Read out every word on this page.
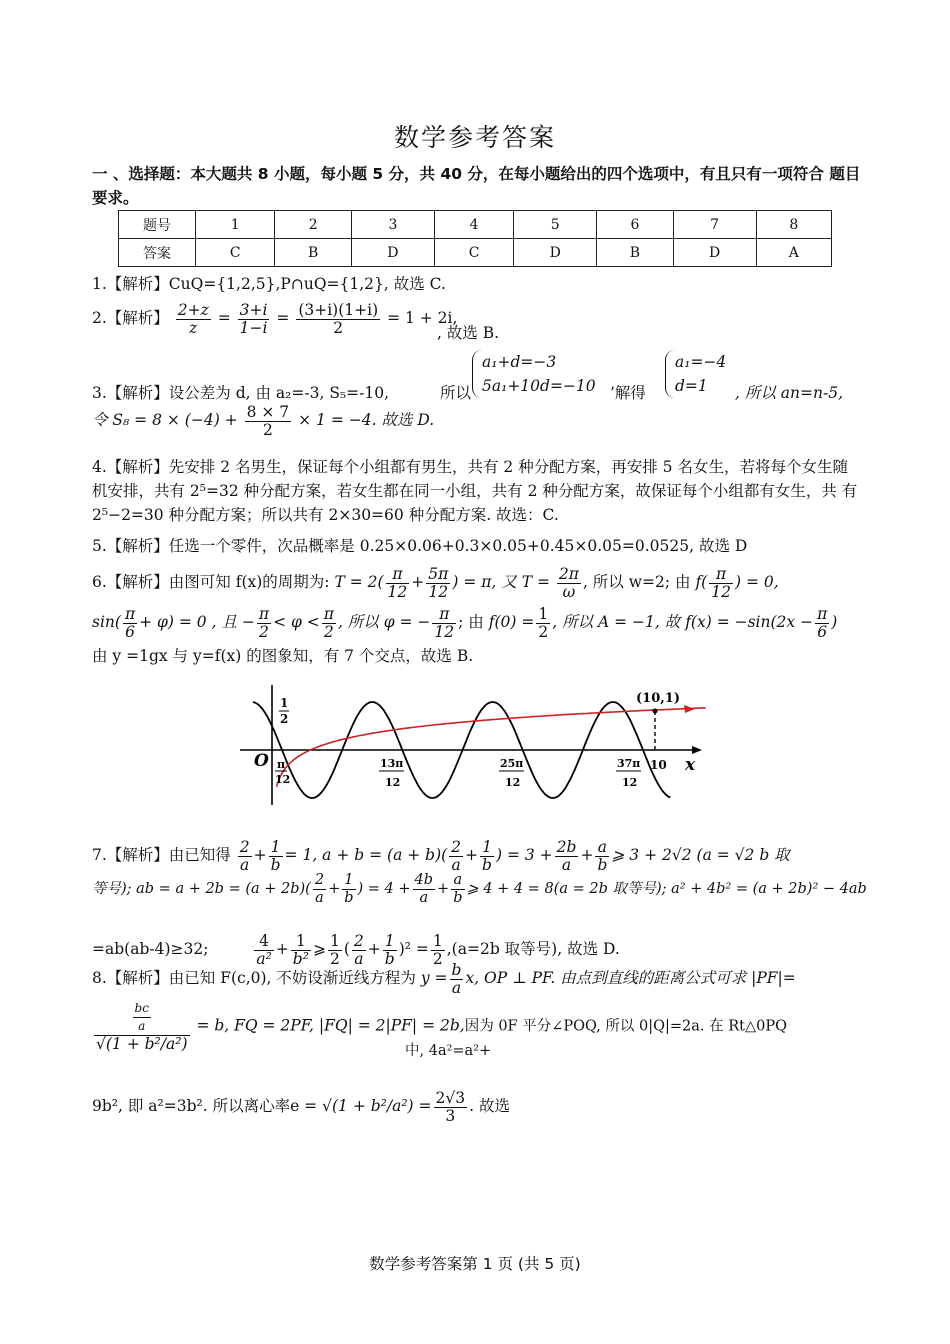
数学参考答案
一 、选择题：本大题共 8 小题，每小题 5 分，共 40 分，在每小题给出的四个选项中，有且只有一项符合 题目要求。
题号	1	2	3	4	5	6	7	8
答案	C	B	D	C	D	B	D	A
1.【解析】CuQ={1,2,5},P∩uQ={1,2}, 故选 C.
2.【解析】 $\frac{2+z}{z} = \frac{3+i}{1-i} = \frac{(3+i)(1+i)}{2} = 1 + 2i$,
, 故选 B.
3.【解析】设公差为 d, 由 a₂=-3, S₅=-10,	所以
a₁+d=−3
5a₁+10d=−10 ’解得
a₁=−4
d=1 , 所以 an=n-5,
令 $S_8 = 8 \times (-4) + \frac{8 \times 7}{2} \times 1 = -4$. 故选 D.
4.【解析】先安排 2 名男生，保证每个小组都有男生，共有 2 种分配方案，再安排 5 名女生，若将每个女生随 机安排，共有 2⁵=32 种分配方案，若女生都在同一小组，共有 2 种分配方案，故保证每个小组都有女生，共 有 2⁵−2=30 种分配方案；所以共有 2×30=60 种分配方案. 故选：C.
5.【解析】任选一个零件，次品概率是 0.25×0.06+0.3×0.05+0.45×0.05=0.0525, 故选 D
6.【解析】由图可知 f(x)的周期为: $T = 2( \frac{\pi}{12} + \frac{5\pi}{12}$ ) = π, 又 $T = \frac{2\pi}{\omega}$ , 所以 w=2; 由 $f( \frac{\pi}{12}$ ) = 0,
$\sin( \frac{\pi}{6} + \varphi) = 0$ , 且 − $\frac{\pi}{2} < \varphi < \frac{\pi}{2}$ , 所以 φ = − $\frac{\pi}{12}$ ; 由 $f(0) = \frac{1}{2}$ , 所以 A = −1, 故 $f(x) = -\sin(2x - \frac{\pi}{6}$ )
由 y =1gx 与 y=f(x) 的图象知，有 7 个交点，故选 B.
(10,1)
1
2
O π
12
13π
12
25π
12
37π
12
10 x
7.【解析】由已知得 $\frac{2}{a} + \frac{1}{b} = 1$, $a + b = (a + b)( \frac{2}{a} + \frac{1}{b}$ ) = $3 + \frac{2b}{a} + \frac{a}{b}$ ⩾ 3 + 2√2 (a = √2 b 取
等号); ab = $a + 2b = (a + 2b)( \frac{2}{a} + \frac{1}{b}$ ) = $4 + \frac{4b}{a} + \frac{a}{b}$ ⩾ 4 + 4 = 8(a = 2b 取等号); a² + 4b² = (a + 2b)² − 4ab
=ab(ab-4)≥32;	$\frac{4}{\text{a²}} + \frac{1}{\text{b²}}$ ⩾ $\frac{1}{2}$ ( $\frac{2}{a} + \frac{1}{b} )^2 = \frac{1}{2} ,(a=2b$ 取等号), 故选 D.
8.【解析】由已知 F(c,0), 不妨设渐近线方程为 $y = \frac{b}{a} x$, OP ⊥ PF. 由点到直线的距离公式可求 |PF|=
$\frac{\frac{bc}{a}}{\text{√(1 + b²/a²)}} = b$, FQ = 2PF, |FQ| = 2|PF| = 2b,因为 0F 平分∠POQ, 所以 0|Q|=2a. 在 Rt△0PQ
中, 4a²=a²+
9b², 即 a²=3b². 所以离心率$e = √(1 + b^2/a^2) = \frac{2√3}{3}$ . 故选
数学参考答案第 1 页 (共 5 页)
